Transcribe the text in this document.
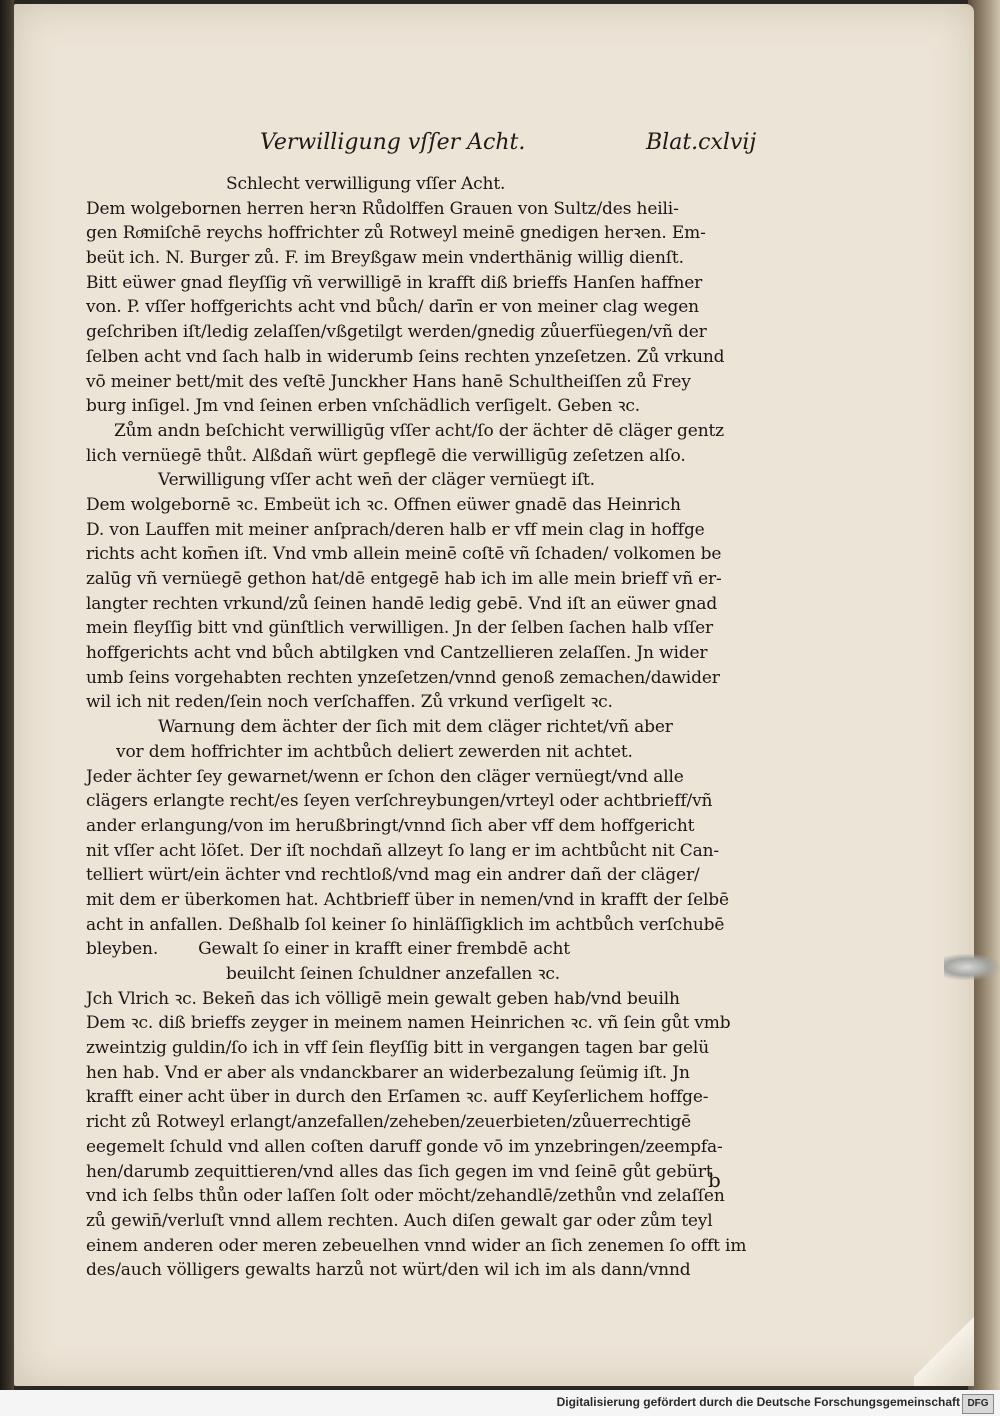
Verwilligung vſſer Acht.	Blat.cxlvij
Schlecht verwilligung vſſer Acht.
Dem wolgebornen herren herꝛn Růdolffen Grauen von Sultz/des heili‑
gen Roͤmiſchē reychs hoffrichter zů Rotweyl meinē gnedigen herꝛen. Em‑
beüt ich. N. Burger zů. F. im Breyßgaw mein vnderthänig willig dienſt.
Bitt eüwer gnad fleyſſig vñ verwilligē in krafft diß brieffs Hanſen haffner
von. P. vſſer hoffgerichts acht vnd bůch/ darīn er von meiner clag wegen
geſchriben iſt/ledig zelaſſen/vßgetilgt werden/gnedig zůuerfüegen/vñ der
ſelben acht vnd ſach halb in widerumb ſeins rechten ynzeſetzen. Zů vrkund
vō meiner bett/mit des veſtē Junckher Hans hanē Schultheiſſen zů Frey
burg inſigel. Jm vnd ſeinen erben vnſchädlich verſigelt. Geben ꝛc.
Zům andn beſchicht verwilligūg vſſer acht/ſo der ächter dē cläger gentz
lich vernüegē thůt. Alßdañ würt gepflegē die verwilligūg zeſetzen alſo.
Verwilligung vſſer acht wen̄ der cläger vernüegt iſt.
Dem wolgebornē ꝛc. Embeüt ich ꝛc. Offnen eüwer gnadē das Heinrich
D. von Lauffen mit meiner anſprach/deren halb er vff mein clag in hoffge
richts acht kom̄en iſt. Vnd vmb allein meinē coſtē vñ ſchaden/ volkomen be
zalūg vñ vernüegē gethon hat/dē entgegē hab ich im alle mein brieff vñ er‑
langter rechten vrkund/zů ſeinen handē ledig gebē. Vnd iſt an eüwer gnad
mein fleyſſig bitt vnd günſtlich verwilligen. Jn der ſelben ſachen halb vſſer
hoffgerichts acht vnd bůch abtilgken vnd Cantzellieren zelaſſen. Jn wider
umb ſeins vorgehabten rechten ynzeſetzen/vnnd genoß zemachen/dawider
wil ich nit reden/ſein noch verſchaffen. Zů vrkund verſigelt ꝛc.
Warnung dem ächter der ſich mit dem cläger richtet/vñ aber
vor dem hoffrichter im achtbůch deliert zewerden nit achtet.
Jeder ächter ſey gewarnet/wenn er ſchon den cläger vernüegt/vnd alle
clägers erlangte recht/es ſeyen verſchreybungen/vrteyl oder achtbrieff/vñ
ander erlangung/von im herußbringt/vnnd ſich aber vff dem hoffgericht
nit vſſer acht löſet. Der iſt nochdañ allzeyt ſo lang er im achtbůcht nit Can‑
telliert würt/ein ächter vnd rechtloß/vnd mag ein andrer dañ der cläger/
mit dem er überkomen hat. Achtbrieff über in nemen/vnd in krafft der ſelbē
acht in anfallen. Deßhalb ſol keiner ſo hinläſſigklich im achtbůch verſchubē
bleyben. Gewalt ſo einer in krafft einer frembdē acht
beuilcht ſeinen ſchuldner anzefallen ꝛc.
Jch Vlrich ꝛc. Beken̄ das ich völligē mein gewalt geben hab/vnd beuilh
Dem ꝛc. diß brieffs zeyger in meinem namen Heinrichen ꝛc. vñ ſein gůt vmb
zweintzig guldin/ſo ich in vff ſein fleyſſig bitt in vergangen tagen bar gelü
hen hab. Vnd er aber als vndanckbarer an widerbezalung ſeümig iſt. Jn
krafft einer acht über in durch den Erſamen ꝛc. auff Keyſerlichem hoffge‑
richt zů Rotweyl erlangt/anzefallen/zeheben/zeuerbieten/zůuerrechtigē
eegemelt ſchuld vnd allen coſten daruff gonde vō im ynzebringen/zeempfa‑
hen/darumb zequittieren/vnd alles das ſich gegen im vnd ſeinē gůt gebürt
vnd ich ſelbs thůn oder laſſen ſolt oder möcht/zehandlē/zethůn vnd zelaſſen
zů gewin̄/verluſt vnnd allem rechten. Auch diſen gewalt gar oder zům teyl
einem anderen oder meren zebeuelhen vnnd wider an ſich zenemen ſo offt im
des/auch völligers gewalts harzů not würt/den wil ich im als dann/vnnd
b
Digitalisierung gefördert durch die Deutsche Forschungsgemeinschaft DFG
